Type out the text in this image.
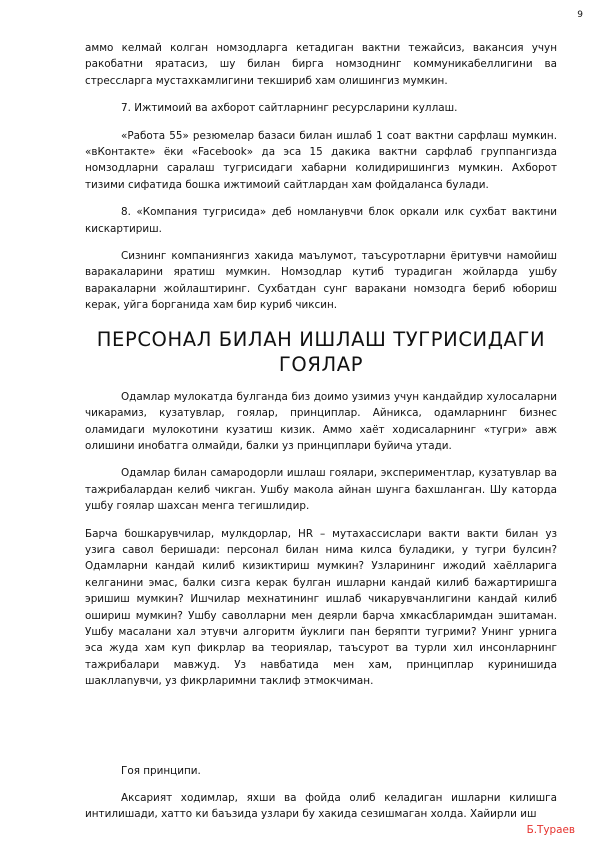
9

аммо келмай колган номзодларга кетадиган вактни тежайсиз, вакансия учун ракобатни яратасиз, шу билан бирга номзоднинг коммуникабеллигини ва стрессларга мустахкамлигини текшириб хам олишингиз мумкин.

7. Ижтимоий ва ахборот сайтларнинг ресурсларини куллаш.

«Работа 55» резюмелар базаси билан ишлаб 1 соат вактни сарфлаш мумкин. «вКонтакте» ёки «Facebook» да эса 15 дакика вактни сарфлаб группангизда номзодларни саралаш тугрисидаги хабарни колидиришингиз мумкин. Ахборот тизими сифатида бошка ижтимоий сайтлардан хам фойдаланса булади.

8. «Компания тугрисида» деб номланувчи блок оркали илк сухбат вактини кискартириш.

Сизнинг компаниянгиз хакида маълумот, таъсуротларни ёритувчи намойиш варакаларини яратиш мумкин. Номзодлар кутиб турадиган жойларда ушбу варакаларни жойлаштиринг. Сухбатдан сунг варакани номзодга бериб юбориш керак, уйга борганида хам бир куриб чиксин.

ПЕРСОНАЛ БИЛАН ИШЛАШ ТУГРИСИДАГИ ГОЯЛАР

Одамлар мулокатда булганда биз доимо узимиз учун кандайдир хулосаларни чикарамиз, кузатувлар, гоялар, принциплар. Айникса, одамларнинг бизнес оламидаги мулокотини кузатиш кизик. Аммо хаёт ходисаларнинг «тугри» авж олишини инобатга олмайди, балки уз принциплари буйича утади.

Одамлар билан самародорли ишлаш гоялари, экспериментлар, кузатувлар ва тажрибалардан келиб чикган. Ушбу макола айнан шунга бахшланган. Шу каторда ушбу гоялар шахсан менга тегишлидир.

Барча бошкарувчилар, мулкдорлар, HR – мутахассислари вакти вакти билан уз узига савол беришади: персонал билан нима килса буладики, у тугри булсин? Одамларни кандай килиб кизиктириш мумкин? Узларининг ижодий хаёлларига келганини эмас, балки сизга керак булган ишларни кандай килиб бажартиришга эришиш мумкин? Ишчилар мехнатининг ишлаб чикарувчанлигини кандай килиб ошириш мумкин? Ушбу саволларни мен деярли барча хмкасбларимдан эшитаман. Ушбу масалани хал этувчи алгоритм йуклиги пан беряпти тугрими? Унинг урнига эса жуда хам куп фикрлар ва теориялар, таъсурот ва турли хил инсонларнинг тажрибалари мавжуд. Уз навбатида мен хам, принциплар куринишида шакллanувчи, уз фикрларимни таклиф этмокчиман.

Гоя принципи.

Аксарият ходимлар, яхши ва фойда олиб келадиган ишларни килишга интилишади, хатто ки баъзида узлари бу хакида сезишмаган холда. Хайирли иш

Б.Тураев
